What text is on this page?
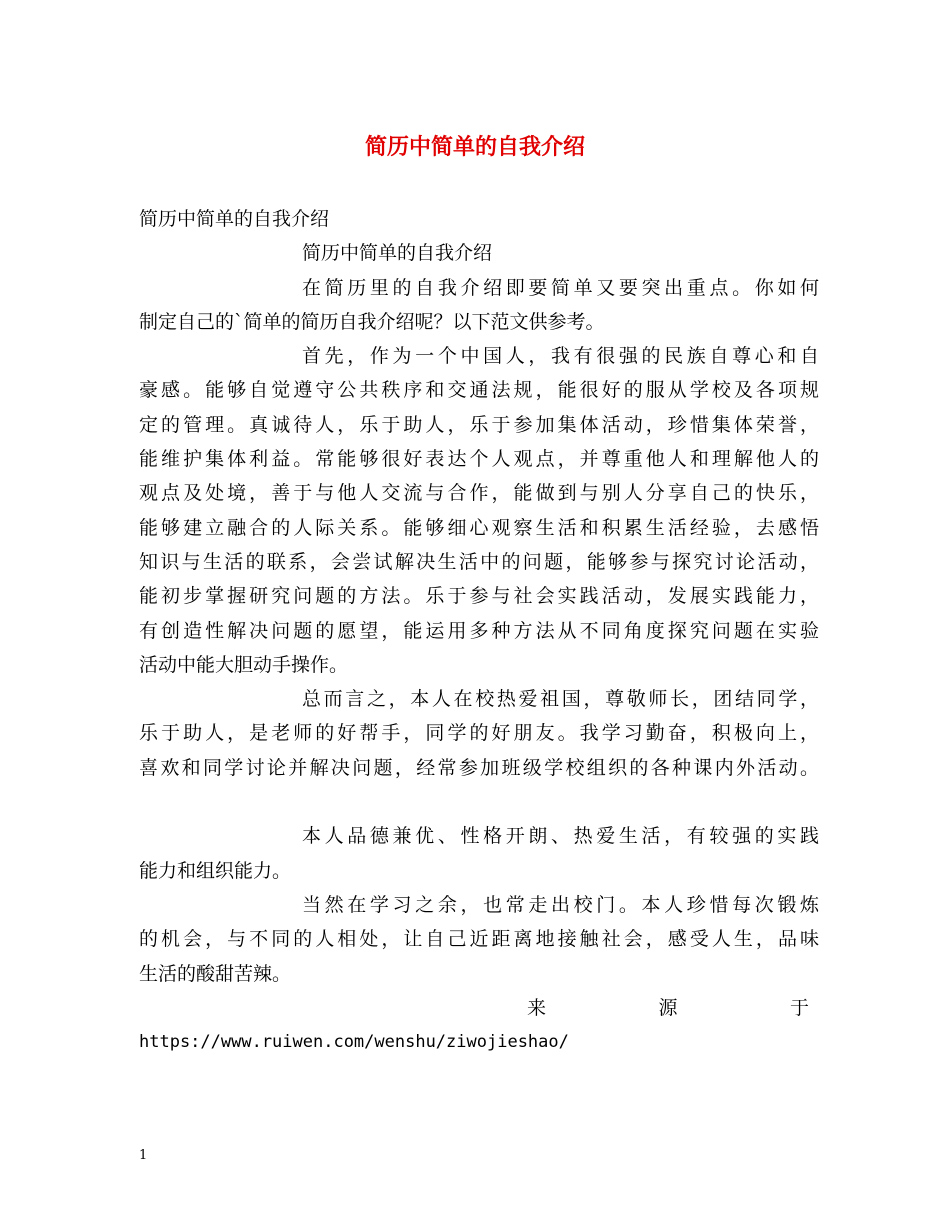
简历中简单的自我介绍
简历中简单的自我介绍
简历中简单的自我介绍
在简历里的自我介绍即要简单又要突出重点。你如何
制定自己的`简单的简历自我介绍呢？以下范文供参考。
首先，作为一个中国人，我有很强的民族自尊心和自
豪感。能够自觉遵守公共秩序和交通法规，能很好的服从学校及各项规
定的管理。真诚待人，乐于助人，乐于参加集体活动，珍惜集体荣誉，
能维护集体利益。常能够很好表达个人观点，并尊重他人和理解他人的
观点及处境，善于与他人交流与合作，能做到与别人分享自己的快乐，
能够建立融合的人际关系。能够细心观察生活和积累生活经验，去感悟
知识与生活的联系，会尝试解决生活中的问题，能够参与探究讨论活动，
能初步掌握研究问题的方法。乐于参与社会实践活动，发展实践能力，
有创造性解决问题的愿望，能运用多种方法从不同角度探究问题在实验
活动中能大胆动手操作。
总而言之，本人在校热爱祖国，尊敬师长，团结同学，
乐于助人，是老师的好帮手，同学的好朋友。我学习勤奋，积极向上，
喜欢和同学讨论并解决问题，经常参加班级学校组织的各种课内外活动。
本人品德兼优、性格开朗、热爱生活，有较强的实践
能力和组织能力。
当然在学习之余，也常走出校门。本人珍惜每次锻炼
的机会，与不同的人相处，让自己近距离地接触社会，感受人生，品味
生活的酸甜苦辣。
来	源	于
https://www.ruiwen.com/wenshu/ziwojieshao/
1
